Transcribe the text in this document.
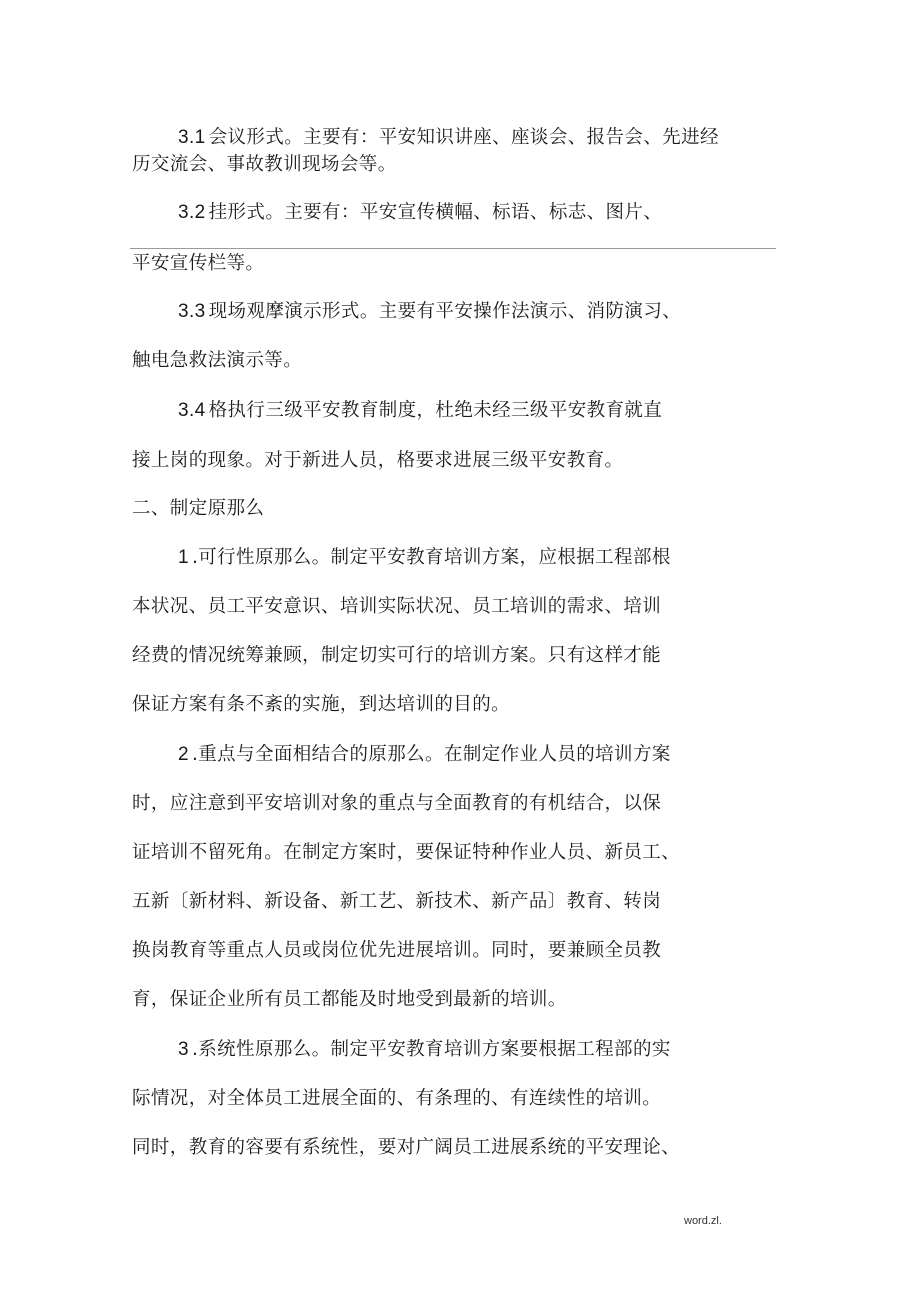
3.1 会议形式。主要有：平安知识讲座、座谈会、报告会、先进经
历交流会、事故教训现场会等。
3.2 挂形式。主要有：平安宣传横幅、标语、标志、图片、
平安宣传栏等。
3.3 现场观摩演示形式。主要有平安操作法演示、消防演习、
触电急救法演示等。
3.4 格执行三级平安教育制度，杜绝未经三级平安教育就直
接上岗的现象。对于新进人员，格要求进展三级平安教育。
二、制定原那么
1 .可行性原那么。制定平安教育培训方案，应根据工程部根
本状况、员工平安意识、培训实际状况、员工培训的需求、培训
经费的情况统筹兼顾，制定切实可行的培训方案。只有这样才能
保证方案有条不紊的实施，到达培训的目的。
2 .重点与全面相结合的原那么。在制定作业人员的培训方案
时，应注意到平安培训对象的重点与全面教育的有机结合，以保
证培训不留死角。在制定方案时，要保证特种作业人员、新员工、
五新〔新材料、新设备、新工艺、新技术、新产品〕教育、转岗
换岗教育等重点人员或岗位优先进展培训。同时，要兼顾全员教
育，保证企业所有员工都能及时地受到最新的培训。
3 .系统性原那么。制定平安教育培训方案要根据工程部的实
际情况，对全体员工进展全面的、有条理的、有连续性的培训。
同时，教育的容要有系统性，要对广阔员工进展系统的平安理论、
word.zl.
